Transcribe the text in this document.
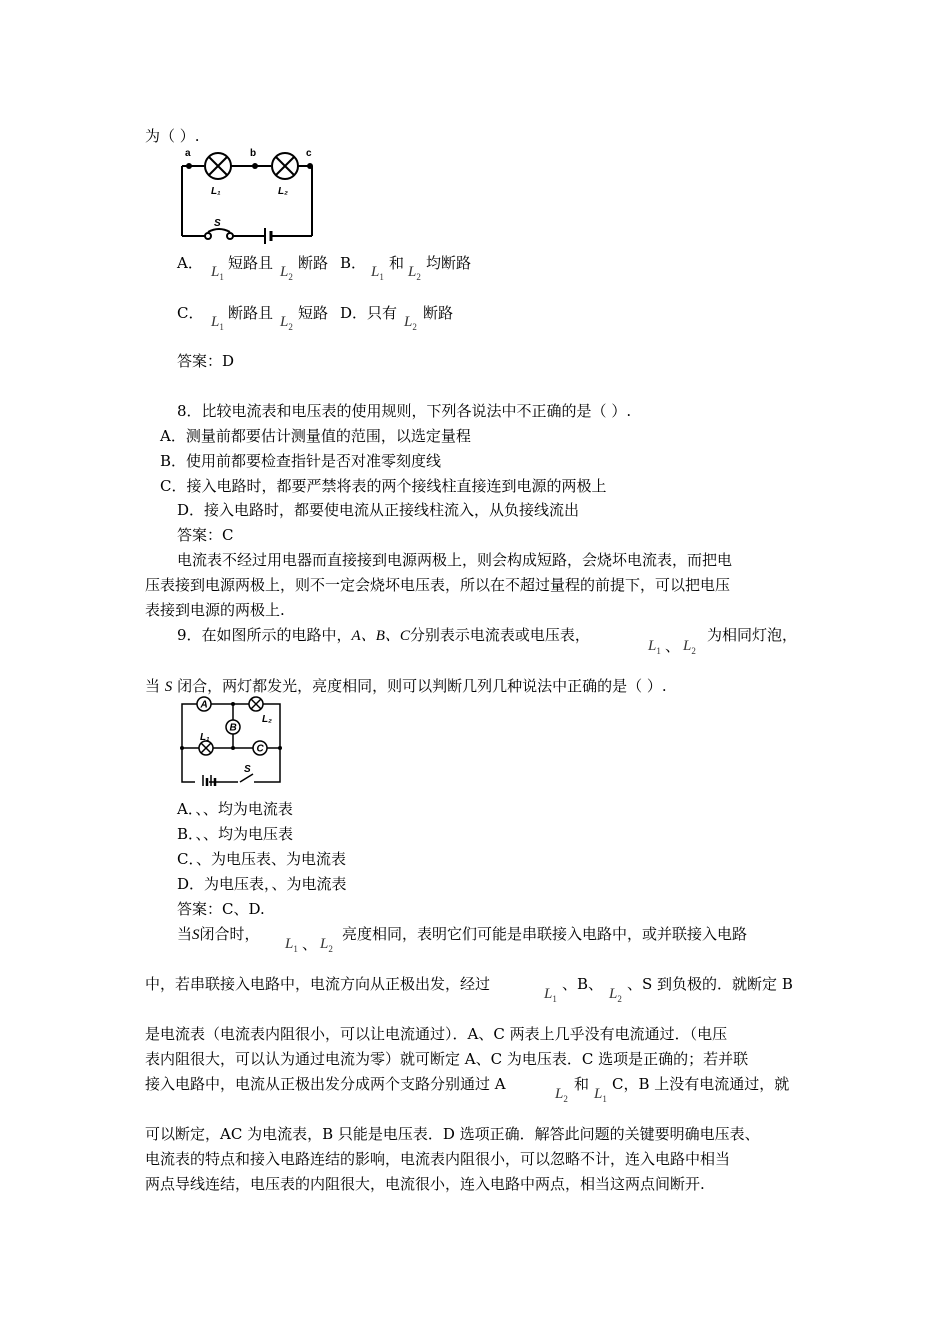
为（ ）.
a	b	c
L₁	L₂
S
A． $L_1$
短路且 $L_2$
断路 B． $L_1$
和 $L_2$
均断路
C． $L_1$
断路且 $L_2$
短路 D．只有 $L_2$
断路
答案：D
8．比较电流表和电压表的使用规则，下列各说法中不正确的是（ ）.
A．测量前都要估计测量值的范围，以选定量程
B．使用前都要检查指针是否对准零刻度线
C．接入电路时，都要严禁将表的两个接线柱直接连到电源的两极上
D．接入电路时，都要使电流从正接线柱流入，从负接线流出
答案：C
电流表不经过用电器而直接接到电源两极上，则会构成短路，会烧坏电流表，而把电
压表接到电源两极上，则不一定会烧坏电压表，所以在不超过量程的前提下，可以把电压
表接到电源的两极上.
9．在如图所示的电路中，A、B、C分别表示电流表或电压表，
$L_1$ 、 $L_2$
为相同灯泡，
当 S 闭合，两灯都发光，亮度相同，则可以判断几列几种说法中正确的是（ ）.
A
B
C
L₁
L₂
S
A．、、均为电流表
B．、、均为电压表
C．、为电压表、为电流表
D．为电压表，、为电流表
答案：C、D.
当S闭合时，
$L_1$ 、 $L_2$
亮度相同，表明它们可能是串联接入电路中，或并联接入电路
中，若串联接入电路中，电流方向从正极出发，经过
$L_1$
、B、
$L_2$
、S 到负极的．就断定 B
是电流表（电流表内阻很小，可以让电流通过）．A、C 两表上几乎没有电流通过．（电压
表内阻很大，可以认为通过电流为零）就可断定 A、C 为电压表．C 选项是正确的；若并联
接入电路中，电流从正极出发分成两个支路分别通过 A
$L_2$
和
$L_1$
C，B 上没有电流通过，就
可以断定，AC 为电流表，B 只能是电压表．D 选项正确．解答此问题的关键要明确电压表、
电流表的特点和接入电路连结的影响，电流表内阻很小，可以忽略不计，连入电路中相当
两点导线连结，电压表的内阻很大，电流很小，连入电路中两点，相当这两点间断开.
